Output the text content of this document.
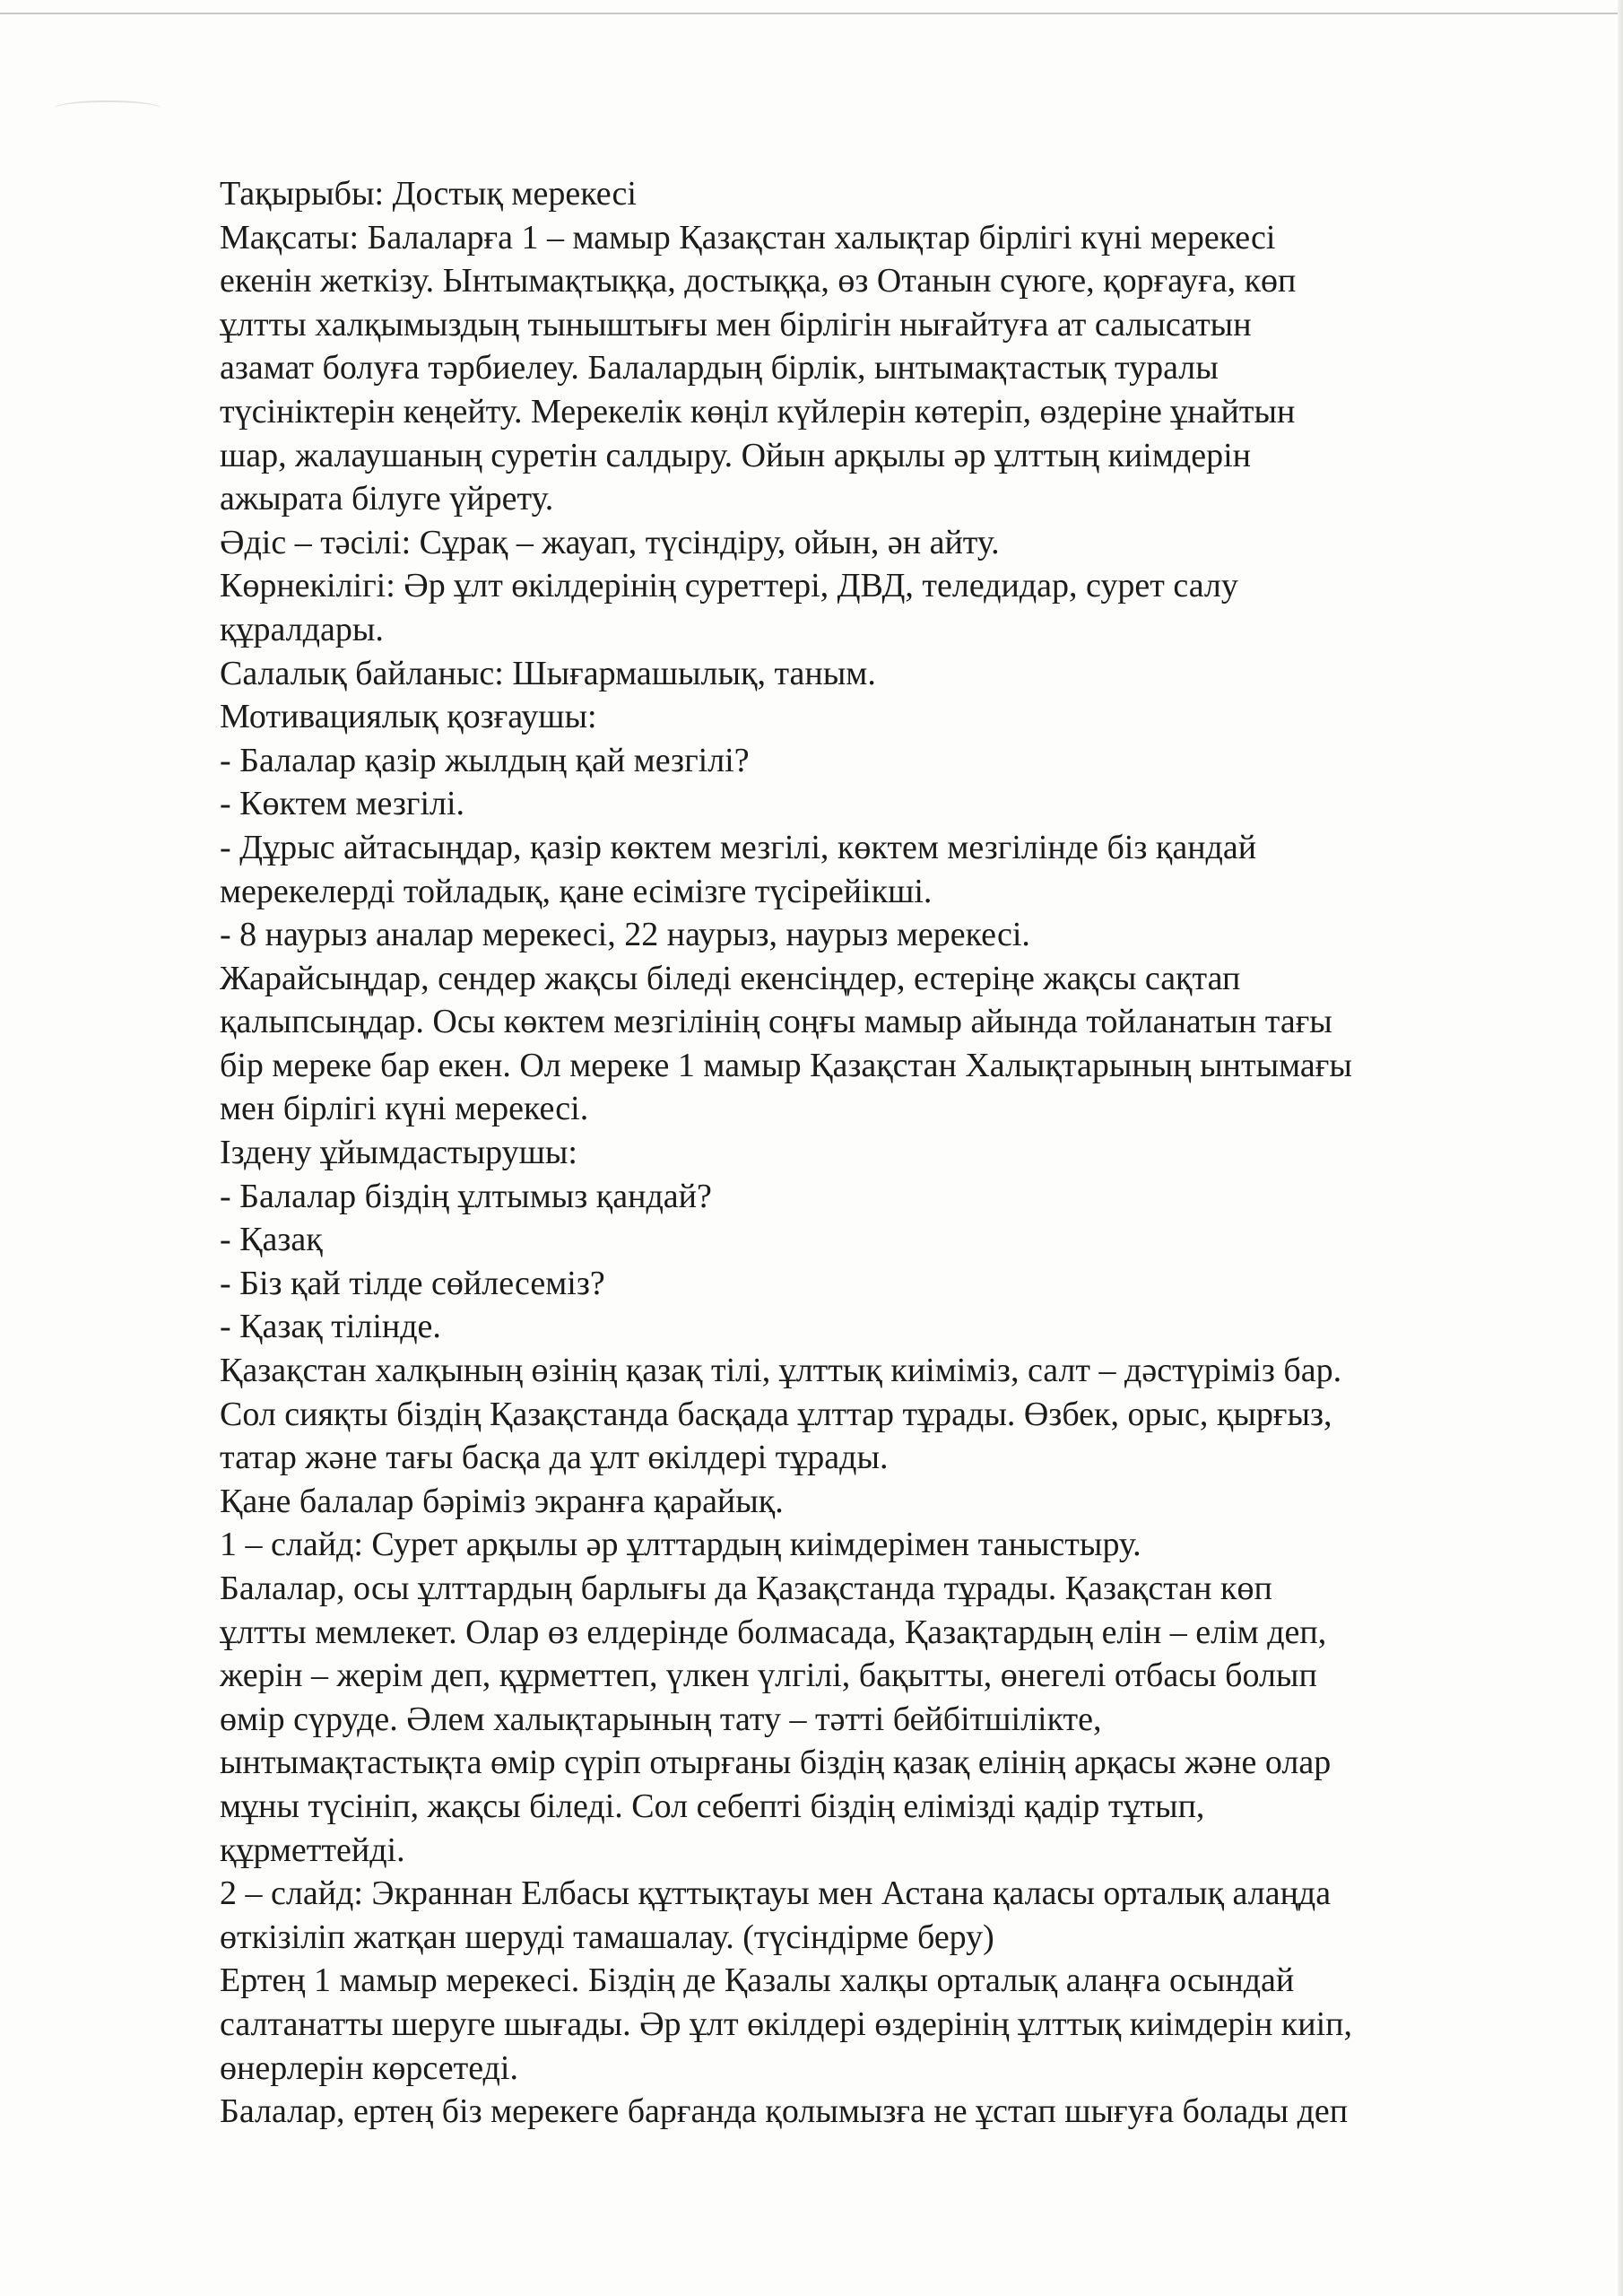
Тақырыбы: Достық мерекесі
Мақсаты: Балаларға 1 – мамыр Қазақстан халықтар бірлігі күні мерекесі
екенін жеткізу. Ынтымақтыққа, достыққа, өз Отанын сүюге, қорғауға, көп
ұлтты халқымыздың тыныштығы мен бірлігін нығайтуға ат салысатын
азамат болуға тәрбиелеу. Балалардың бірлік, ынтымақтастық туралы
түсініктерін кеңейту. Мерекелік көңіл күйлерін көтеріп, өздеріне ұнайтын
шар, жалаушаның суретін салдыру. Ойын арқылы әр ұлттың киімдерін
ажырата білуге үйрету.
Әдіс – тәсілі: Сұрақ – жауап, түсіндіру, ойын, ән айту.
Көрнекілігі: Әр ұлт өкілдерінің суреттері, ДВД, теледидар, сурет салу
құралдары.
Салалық байланыс: Шығармашылық, таным.
Мотивациялық қозғаушы:
- Балалар қазір жылдың қай мезгілі?
- Көктем мезгілі.
- Дұрыс айтасыңдар, қазір көктем мезгілі, көктем мезгілінде біз қандай
мерекелерді тойладық, қане есімізге түсірейікші.
- 8 наурыз аналар мерекесі, 22 наурыз, наурыз мерекесі.
Жарайсыңдар, сендер жақсы біледі екенсіңдер, естеріңе жақсы сақтап
қалыпсыңдар. Осы көктем мезгілінің соңғы мамыр айында тойланатын тағы
бір мереке бар екен. Ол мереке 1 мамыр Қазақстан Халықтарының ынтымағы
мен бірлігі күні мерекесі.
Іздену ұйымдастырушы:
- Балалар біздің ұлтымыз қандай?
- Қазақ
- Біз қай тілде сөйлесеміз?
- Қазақ тілінде.
Қазақстан халқының өзінің қазақ тілі, ұлттық киіміміз, салт – дәстүріміз бар.
Сол сияқты біздің Қазақстанда басқада ұлттар тұрады. Өзбек, орыс, қырғыз,
татар және тағы басқа да ұлт өкілдері тұрады.
Қане балалар бәріміз экранға қарайық.
1 – слайд: Сурет арқылы әр ұлттардың киімдерімен таныстыру.
Балалар, осы ұлттардың барлығы да Қазақстанда тұрады. Қазақстан көп
ұлтты мемлекет. Олар өз елдерінде болмасада, Қазақтардың елін – елім деп,
жерін – жерім деп, құрметтеп, үлкен үлгілі, бақытты, өнегелі отбасы болып
өмір сүруде. Әлем халықтарының тату – тәтті бейбітшілікте,
ынтымақтастықта өмір сүріп отырғаны біздің қазақ елінің арқасы және олар
мұны түсініп, жақсы біледі. Сол себепті біздің елімізді қадір тұтып,
құрметтейді.
2 – слайд: Экраннан Елбасы құттықтауы мен Астана қаласы орталық алаңда
өткізіліп жатқан шеруді тамашалау. (түсіндірме беру)
Ертең 1 мамыр мерекесі. Біздің де Қазалы халқы орталық алаңға осындай
салтанатты шеруге шығады. Әр ұлт өкілдері өздерінің ұлттық киімдерін киіп,
өнерлерін көрсетеді.
Балалар, ертең біз мерекеге барғанда қолымызға не ұстап шығуға болады деп
